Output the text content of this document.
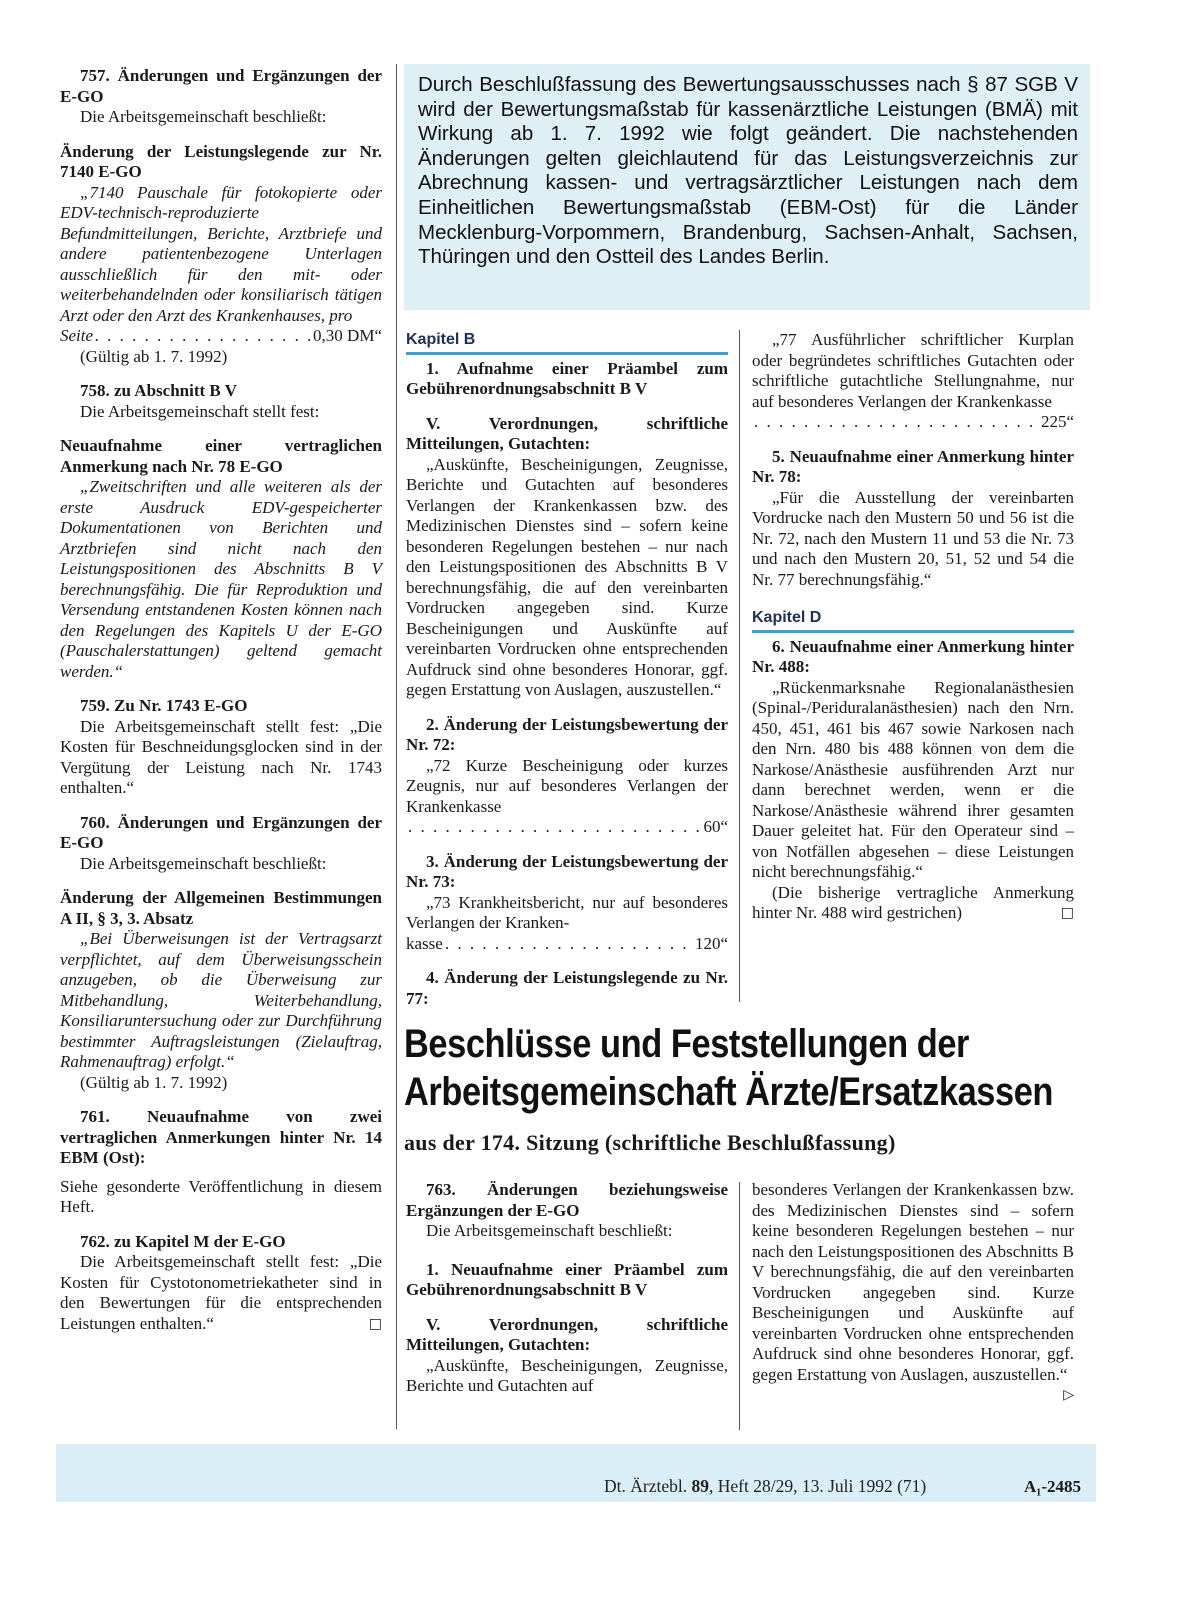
757. Änderungen und Ergänzungen der E-GO

Die Arbeitsgemeinschaft beschließt:

Änderung der Leistungslegende zur Nr. 7140 E-GO

„7140 Pauschale für fotokopierte oder EDV-technisch-reproduzierte Befundmitteilungen, Berichte, Arztbriefe und andere patientenbezogene Unterlagen ausschließlich für den mit- oder weiterbehandelnden oder konsiliarisch tätigen Arzt oder den Arzt des Krankenhauses, pro

Seite . . .	0,30 DM“

(Gültig ab 1. 7. 1992)

758. zu Abschnitt B V

Die Arbeitsgemeinschaft stellt fest:

Neuaufnahme einer vertraglichen Anmerkung nach Nr. 78 E-GO

„Zweitschriften und alle weiteren als der erste Ausdruck EDV-gespeicherter Dokumentationen von Berichten und Arztbriefen sind nicht nach den Leistungspositionen des Abschnitts B V berechnungsfähig. Die für Reproduktion und Versendung entstandenen Kosten können nach den Regelungen des Kapitels U der E-GO (Pauschalerstattungen) geltend gemacht werden.“

759. Zu Nr. 1743 E-GO

Die Arbeitsgemeinschaft stellt fest: „Die Kosten für Beschneidungsglocken sind in der Vergütung der Leistung nach Nr. 1743 enthalten.“

760. Änderungen und Ergänzungen der E-GO

Die Arbeitsgemeinschaft beschließt:

Änderung der Allgemeinen Bestimmungen A II, § 3, 3. Absatz

„Bei Überweisungen ist der Vertragsarzt verpflichtet, auf dem Überweisungsschein anzugeben, ob die Überweisung zur Mitbehandlung, Weiterbehandlung, Konsiliaruntersuchung oder zur Durchführung bestimmter Auftragsleistungen (Zielauftrag, Rahmenauftrag) erfolgt.“

(Gültig ab 1. 7. 1992)

761. Neuaufnahme von zwei vertraglichen Anmerkungen hinter Nr. 14 EBM (Ost):

Siehe gesonderte Veröffentlichung in diesem Heft.

762. zu Kapitel M der E-GO

Die Arbeitsgemeinschaft stellt fest: „Die Kosten für Cystotonometriekatheter sind in den Bewertungen für die entsprechenden Leistungen enthalten.“	□

Durch Beschlußfassung des Bewertungsausschusses nach § 87 SGB V wird der Bewertungsmaßstab für kassenärztliche Leistungen (BMÄ) mit Wirkung ab 1. 7. 1992 wie folgt geändert. Die nachstehenden Änderungen gelten gleichlautend für das Leistungsverzeichnis zur Abrechnung kassen- und vertragsärztlicher Leistungen nach dem Einheitlichen Bewertungsmaßstab (EBM-Ost) für die Länder Mecklenburg-Vorpommern, Brandenburg, Sachsen-Anhalt, Sachsen, Thüringen und den Ostteil des Landes Berlin.

Kapitel B

1. Aufnahme einer Präambel zum Gebührenordnungsabschnitt B V

V. Verordnungen, schriftliche Mitteilungen, Gutachten:

„Auskünfte, Bescheinigungen, Zeugnisse, Berichte und Gutachten auf besonderes Verlangen der Krankenkassen bzw. des Medizinischen Dienstes sind – sofern keine besonderen Regelungen bestehen – nur nach den Leistungspositionen des Abschnitts B V berechnungsfähig, die auf den vereinbarten Vordrucken angegeben sind. Kurze Bescheinigungen und Auskünfte auf vereinbarten Vordrucken ohne entsprechenden Aufdruck sind ohne besonderes Honorar, ggf. gegen Erstattung von Auslagen, auszustellen.“

2. Änderung der Leistungsbewertung der Nr. 72:

„72 Kurze Bescheinigung oder kurzes Zeugnis, nur auf besonderes Verlangen der Krankenkasse

. . .
60“

3. Änderung der Leistungsbewertung der Nr. 73:

„73 Krankheitsbericht, nur auf besonderes Verlangen der Kranken-

kasse . . .	120“

4. Änderung der Leistungslegende zu Nr. 77:

„77 Ausführlicher schriftlicher Kurplan oder begründetes schriftliches Gutachten oder schriftliche gutachtliche Stellungnahme, nur auf besonderes Verlangen der Krankenkasse

. . .
225“

5. Neuaufnahme einer Anmerkung hinter Nr. 78:

„Für die Ausstellung der vereinbarten Vordrucke nach den Mustern 50 und 56 ist die Nr. 72, nach den Mustern 11 und 53 die Nr. 73 und nach den Mustern 20, 51, 52 und 54 die Nr. 77 berechnungsfähig.“

Kapitel D

6. Neuaufnahme einer Anmerkung hinter Nr. 488:

„Rückenmarksnahe Regionalanästhesien (Spinal-/Periduralanästhesien) nach den Nrn. 450, 451, 461 bis 467 sowie Narkosen nach den Nrn. 480 bis 488 können von dem die Narkose/Anästhesie ausführenden Arzt nur dann berechnet werden, wenn er die Narkose/Anästhesie während ihrer gesamten Dauer geleitet hat. Für den Operateur sind – von Notfällen abgesehen – diese Leistungen nicht berechnungsfähig.“

(Die bisherige vertragliche Anmerkung hinter Nr. 488 wird gestrichen)	□

Beschlüsse und Feststellungen der
Arbeitsgemeinschaft Ärzte/Ersatzkassen
aus der 174. Sitzung (schriftliche Beschlußfassung)

763. Änderungen beziehungsweise Ergänzungen der E-GO

Die Arbeitsgemeinschaft beschließt:

1. Neuaufnahme einer Präambel zum Gebührenordnungsabschnitt B V

V. Verordnungen, schriftliche Mitteilungen, Gutachten:

„Auskünfte, Bescheinigungen, Zeugnisse, Berichte und Gutachten auf

besonderes Verlangen der Krankenkassen bzw. des Medizinischen Dienstes sind – sofern keine besonderen Regelungen bestehen – nur nach den Leistungspositionen des Abschnitts B V berechnungsfähig, die auf den vereinbarten Vordrucken angegeben sind. Kurze Bescheinigungen und Auskünfte auf vereinbarten Vordrucken ohne entsprechenden Aufdruck sind ohne besonderes Honorar, ggf. gegen Erstattung von Auslagen, auszustellen.“
▷

Dt. Ärztebl. 89, Heft 28/29, 13. Juli 1992 (71)	A₁-2485
